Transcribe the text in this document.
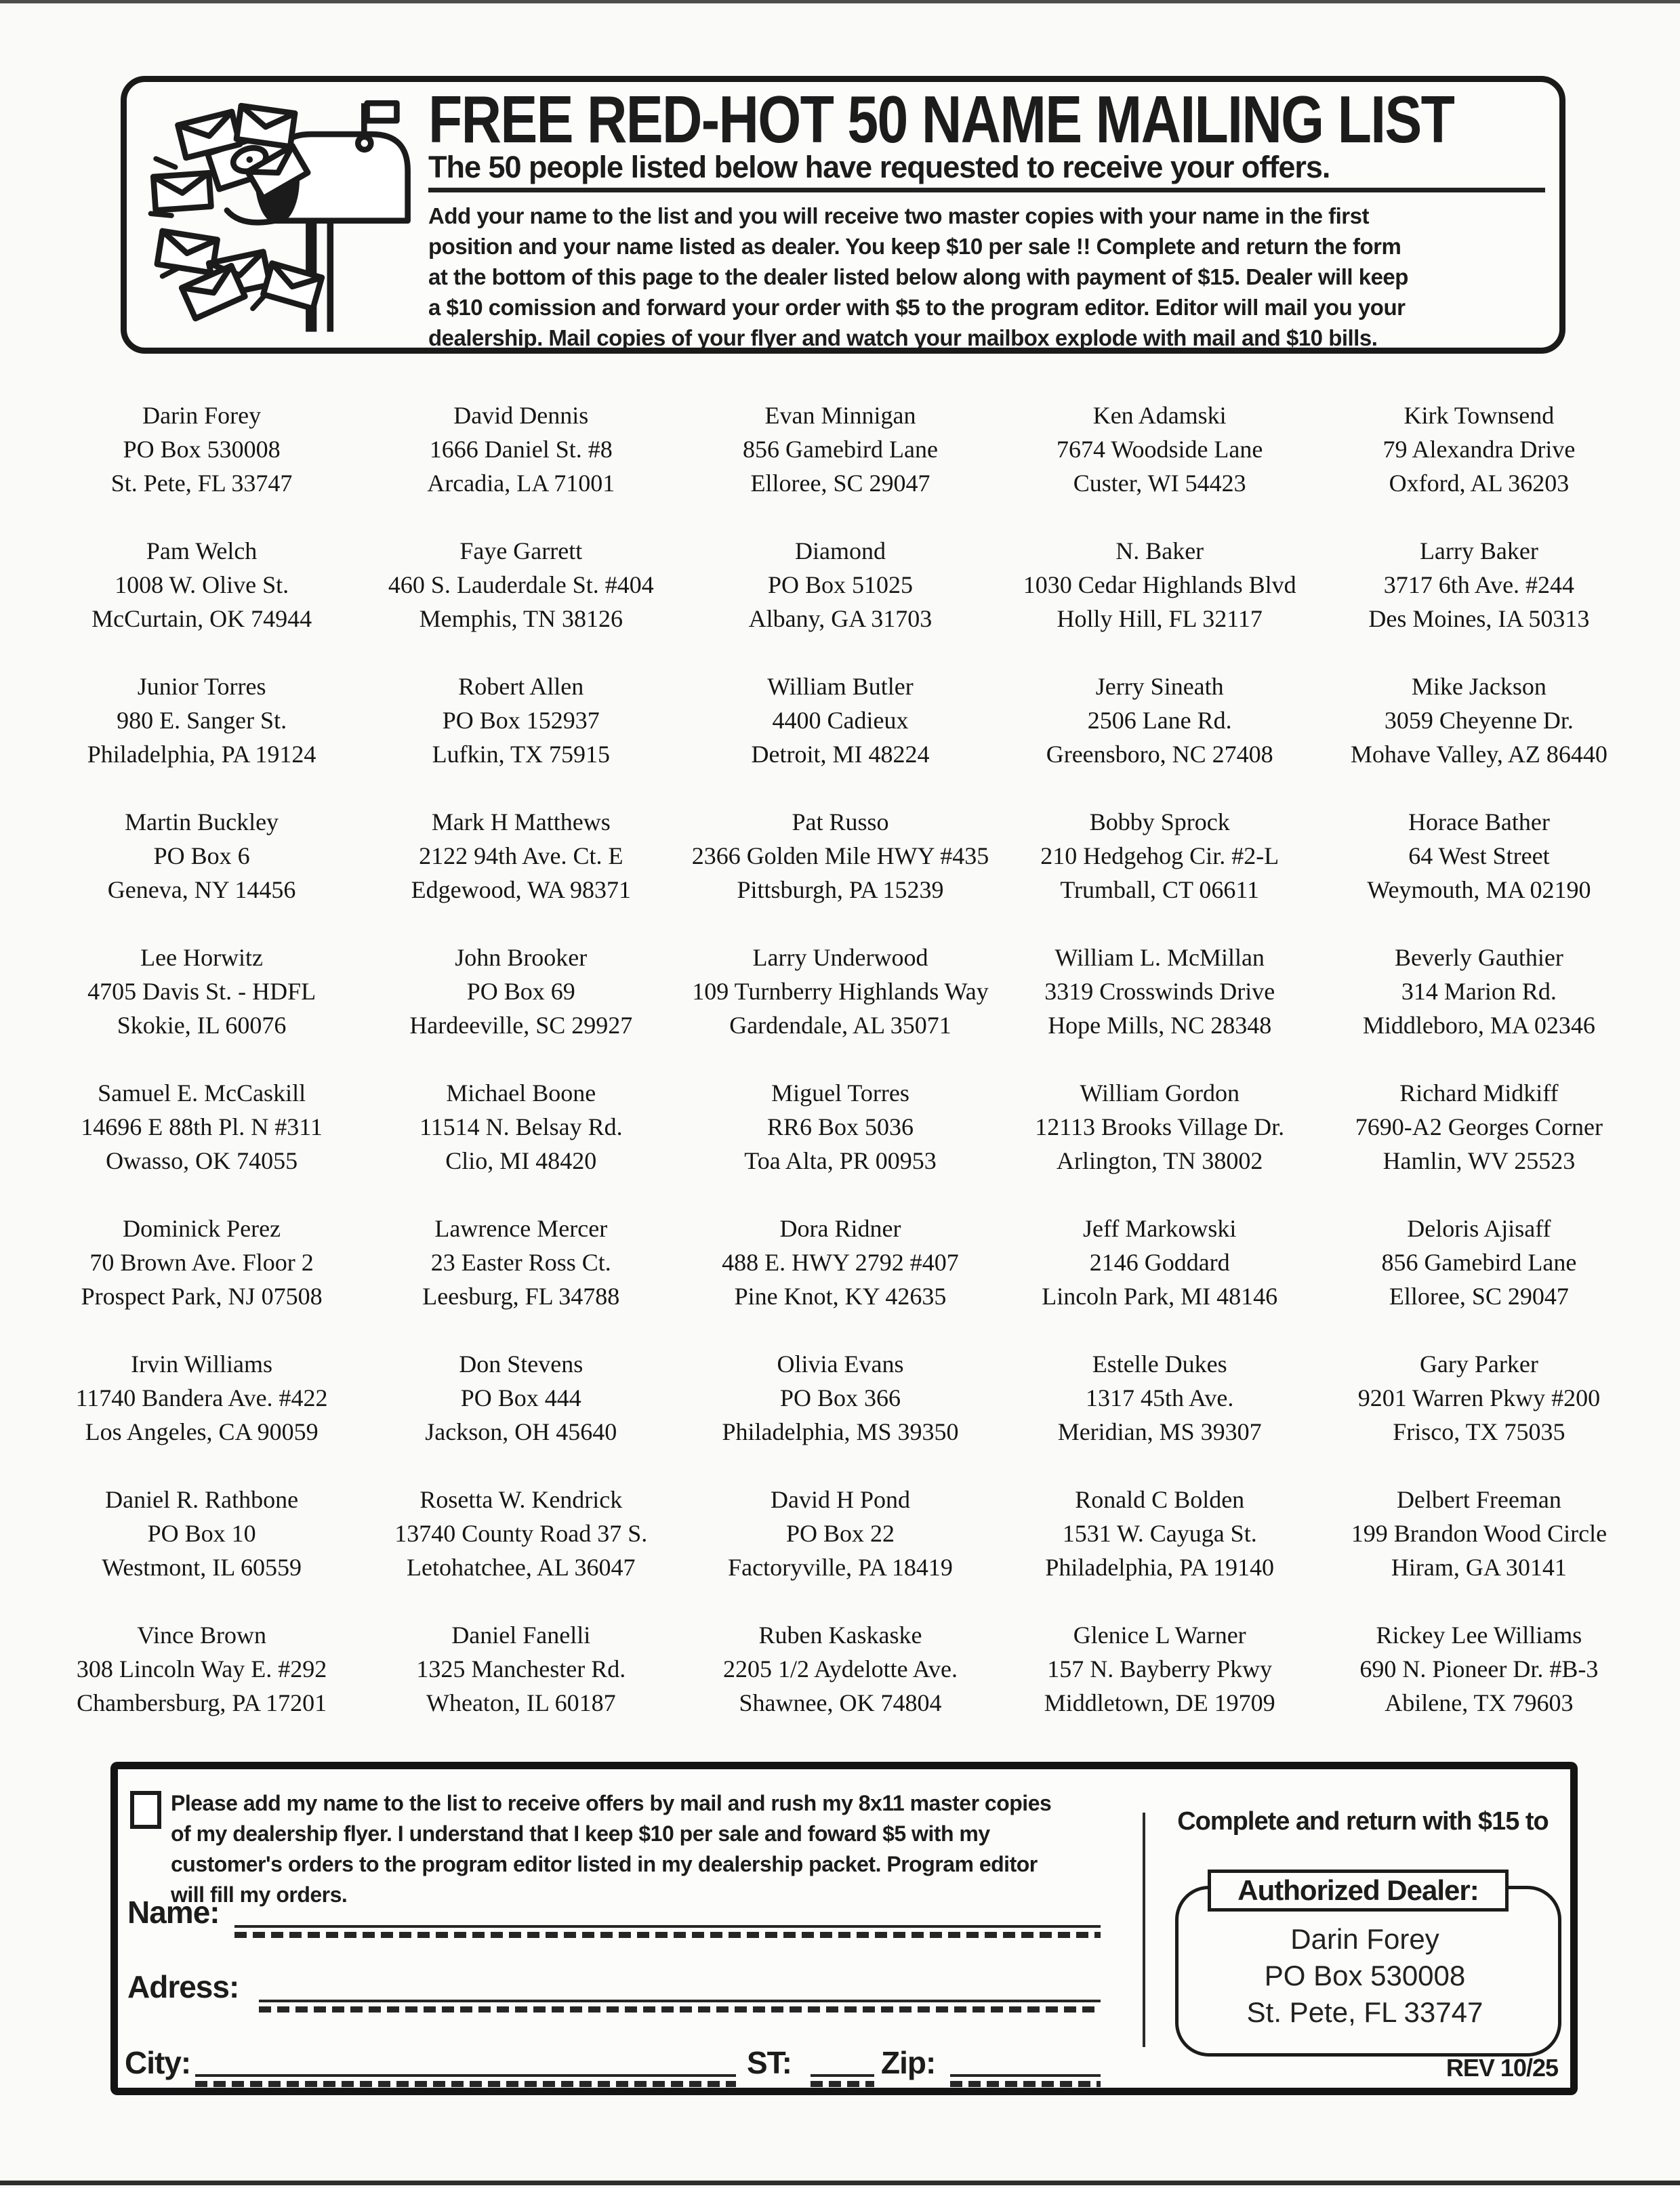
FREE RED-HOT 50 NAME MAILING LIST
The 50 people listed below have requested to receive your offers.
Add your name to the list and you will receive two master copies with your name in the first
position and your name listed as dealer. You keep $10 per sale !! Complete and return the form
at the bottom of this page to the dealer listed below along with payment of $15. Dealer will keep
a $10 comission and forward your order with $5 to the program editor. Editor will mail you your
dealership. Mail copies of your flyer and watch your mailbox explode with mail and $10 bills.
Darin Forey
PO Box 530008
St. Pete, FL 33747
David Dennis
1666 Daniel St. #8
Arcadia, LA 71001
Evan Minnigan
856 Gamebird Lane
Elloree, SC 29047
Ken Adamski
7674 Woodside Lane
Custer, WI 54423
Kirk Townsend
79 Alexandra Drive
Oxford, AL 36203
Pam Welch
1008 W. Olive St.
McCurtain, OK 74944
Faye Garrett
460 S. Lauderdale St. #404
Memphis, TN 38126
Diamond
PO Box 51025
Albany, GA 31703
N. Baker
1030 Cedar Highlands Blvd
Holly Hill, FL 32117
Larry Baker
3717 6th Ave. #244
Des Moines, IA 50313
Junior Torres
980 E. Sanger St.
Philadelphia, PA 19124
Robert Allen
PO Box 152937
Lufkin, TX 75915
William Butler
4400 Cadieux
Detroit, MI 48224
Jerry Sineath
2506 Lane Rd.
Greensboro, NC 27408
Mike Jackson
3059 Cheyenne Dr.
Mohave Valley, AZ 86440
Martin Buckley
PO Box 6
Geneva, NY 14456
Mark H Matthews
2122 94th Ave. Ct. E
Edgewood, WA 98371
Pat Russo
2366 Golden Mile HWY #435
Pittsburgh, PA 15239
Bobby Sprock
210 Hedgehog Cir. #2-L
Trumball, CT 06611
Horace Bather
64 West Street
Weymouth, MA 02190
Lee Horwitz
4705 Davis St. - HDFL
Skokie, IL 60076
John Brooker
PO Box 69
Hardeeville, SC 29927
Larry Underwood
109 Turnberry Highlands Way
Gardendale, AL 35071
William L. McMillan
3319 Crosswinds Drive
Hope Mills, NC 28348
Beverly Gauthier
314 Marion Rd.
Middleboro, MA 02346
Samuel E. McCaskill
14696 E 88th Pl. N #311
Owasso, OK 74055
Michael Boone
11514 N. Belsay Rd.
Clio, MI 48420
Miguel Torres
RR6 Box 5036
Toa Alta, PR 00953
William Gordon
12113 Brooks Village Dr.
Arlington, TN 38002
Richard Midkiff
7690-A2 Georges Corner
Hamlin, WV 25523
Dominick Perez
70 Brown Ave. Floor 2
Prospect Park, NJ 07508
Lawrence Mercer
23 Easter Ross Ct.
Leesburg, FL 34788
Dora Ridner
488 E. HWY 2792 #407
Pine Knot, KY 42635
Jeff Markowski
2146 Goddard
Lincoln Park, MI 48146
Deloris Ajisaff
856 Gamebird Lane
Elloree, SC 29047
Irvin Williams
11740 Bandera Ave. #422
Los Angeles, CA 90059
Don Stevens
PO Box 444
Jackson, OH 45640
Olivia Evans
PO Box 366
Philadelphia, MS 39350
Estelle Dukes
1317 45th Ave.
Meridian, MS 39307
Gary Parker
9201 Warren Pkwy #200
Frisco, TX 75035
Daniel R. Rathbone
PO Box 10
Westmont, IL 60559
Rosetta W. Kendrick
13740 County Road 37 S.
Letohatchee, AL 36047
David H Pond
PO Box 22
Factoryville, PA 18419
Ronald C Bolden
1531 W. Cayuga St.
Philadelphia, PA 19140
Delbert Freeman
199 Brandon Wood Circle
Hiram, GA 30141
Vince Brown
308 Lincoln Way E. #292
Chambersburg, PA 17201
Daniel Fanelli
1325 Manchester Rd.
Wheaton, IL 60187
Ruben Kaskaske
2205 1/2 Aydelotte Ave.
Shawnee, OK 74804
Glenice L Warner
157 N. Bayberry Pkwy
Middletown, DE 19709
Rickey Lee Williams
690 N. Pioneer Dr. #B-3
Abilene, TX 79603
Please add my name to the list to receive offers by mail and rush my 8x11 master copies
of my dealership flyer. I understand that I keep $10 per sale and foward $5 with my
customer's orders to the program editor listed in my dealership packet. Program editor
will fill my orders.
Name:
Adress:
City:	ST:	Zip:
Complete and return with $15 to
Authorized Dealer:
Darin Forey
PO Box 530008
St. Pete, FL 33747
REV 10/25
